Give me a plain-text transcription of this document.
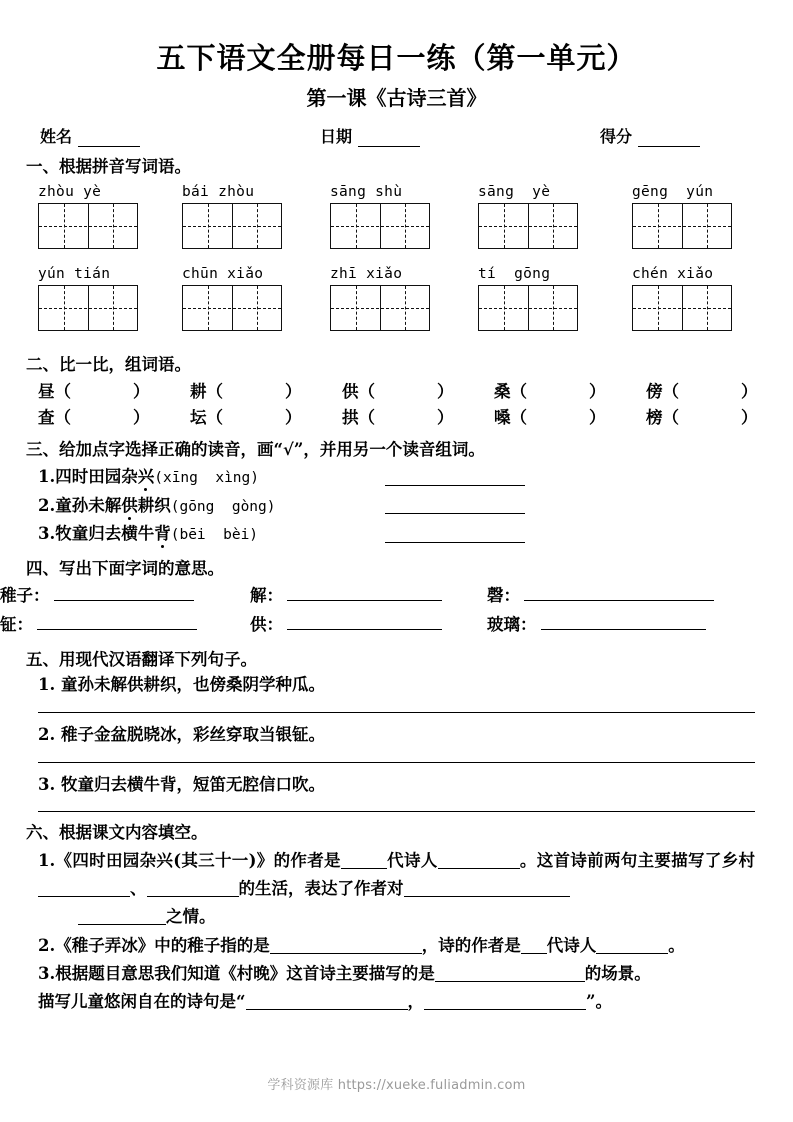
五下语文全册每日一练（第一单元）
第一课《古诗三首》
姓名	日期	得分
一、根据拼音写词语。
zhòu yè	bái zhòu	sāng shù	sāng  yè	gēng  yún
yún tián	chūn xiǎo	zhī xiǎo	tí  gōng	chén xiǎo
二、比一比，组词语。
昼（	） 耕（	） 供（	） 桑（	） 傍（	）
查（	） 坛（	） 拱（	） 嗓（	） 榜（	）
三、给加点字选择正确的读音，画“√”，并用另一个读音组词。
1.四时田园杂兴(xīng  xìng)
2.童孙未解供耕织(gōng  gòng)
3.牧童归去横牛背(bēi  bèi)
四、写出下面字词的意思。
稚子：	解：	磬：
钲：	供：	玻璃：
五、用现代汉语翻译下列句子。
1. 童孙未解供耕织，也傍桑阴学种瓜。
2. 稚子金盆脱晓冰，彩丝穿取当银钲。
3. 牧童归去横牛背，短笛无腔信口吹。
六、根据课文内容填空。
1.《四时田园杂兴(其三十一)》的作者是	代诗人	。这首诗前两句主要描写了乡村、	的生活，表达了作者对
之情。
2.《稚子弄冰》中的稚子指的是	，诗的作者是 代诗人	。
3.根据题目意思我们知道《村晚》这首诗主要描写的是	的场景。
描写儿童悠闲自在的诗句是“	，	”。
学科资源库 https://xueke.fuliadmin.com
